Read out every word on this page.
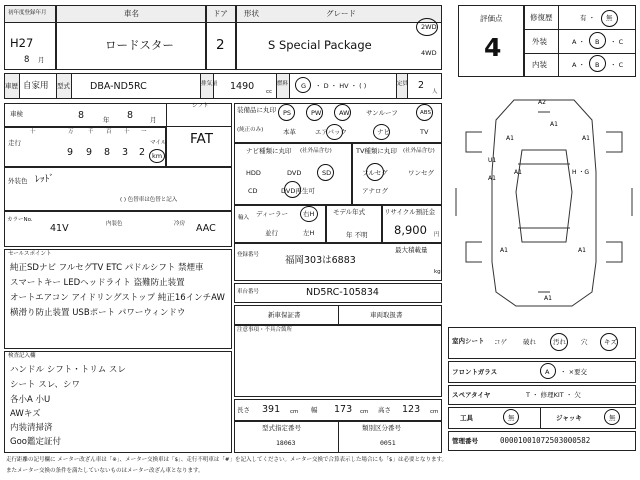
初年度登録年月
H27
8 月
車名
ロードスター
ドア
2
形状	グレード
S Special Package
2WD
4WD
評価点
4
修復歴	有 ・ 無
外装	A ・ B ・ C
内装	A ・ B ・ C
車歴 自家用 型式 DBA-ND5RC	排気量 1490 cc
燃料 G ・ D ・ HV ・ ( )	定員 2
人
車検	8	年 8	月
シフト
FAT
走行
十	万	千 百 十 一
9 9 8 3 2
マイル
km
外装色 ﾚｯﾄﾞ
( ) 色替車は色替と記入
カラーNo.
41V	内装色	冷房 AAC
セールスポイント
純正SDナビ フルセグTV ETC パドルシフト 禁煙車
スマートキー LEDヘッドライト 盗難防止装置
オートエアコン アイドリングストップ 純正16インチAW
横滑り防止装置 USBポート パワーウィンドウ
検査記入欄
ハンドル シフト・トリム スレ
シート スレ、シワ
各小A 小U
AWキズ
内装清掃済
Goo鑑定証付
装備品に丸印
(純正のみ)
PS	PW	AW	サンルーフ	ABS
本革	エアバック	ナビ	TV
ナビ種類に丸印 (社外品含む)
HDD	DVD	SD
CD	DVD再生可
TV種類に丸印 (社外品含む)
フルセグ	ワンセグ
アナログ
輸入 ディーラー 右H
並行	左H
モデル年式
年 不明
リサイクル預託金
8,900 円
登録番号	福岡303は6883
最大積載量
kg
車台番号	ND5RC-105834
新車保証書	車両取扱書
注意事項・不具合箇所
長さ 391 cm 幅 173 cm 高さ 123 cm
型式指定番号
18063
類別区分番号
0051
A2
A1
A1	A1
A1	H ・G
U1
A1
A1	A1
A1
室内シート コゲ 破れ	汚れ 穴	キズ
フロントガラス	A ・ ×要交
スペアタイヤ	T ・ 修理KIT ・ 欠
工具	無	ジャッキ	無
管理番号	00001001072503000582
走行距離の記号欄に メーター改ざん車は「※」、メーター交換車は「$」、走行不明車は「#」を記入してください。メーター交換で合算表示した場合にも「$」は必要となります。
またメーター交換の条件を満たしていないものはメーター改ざん車となります。
